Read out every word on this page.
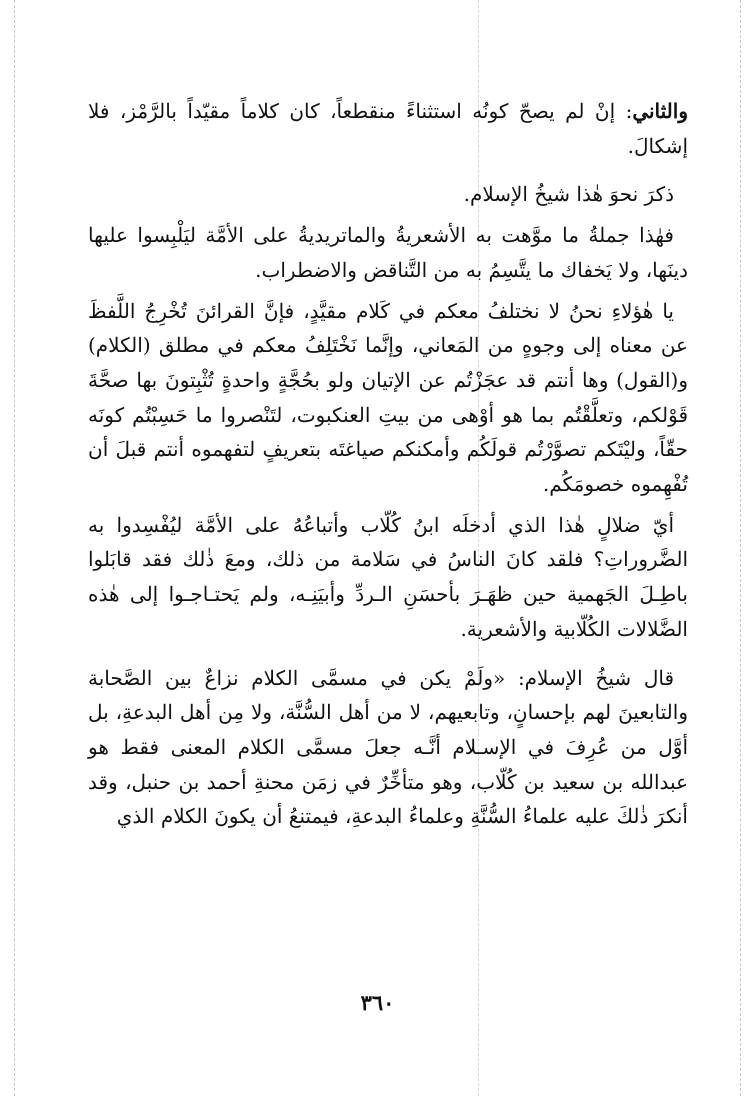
والثاني: إنْ لم يصحّ كونُه استثناءً منقطعاً، كان كلاماً مقيّداً بالرَّمْز، فلا إشكالَ.

ذكرَ نحوَ هٰذا شيخُ الإسلام.

فهٰذا جملةُ ما موَّهت به الأشعريةُ والماتريديةُ على الأمَّة ليَلْبِسوا عليها دينَها، ولا يَخفاك ما يتَّسِمُ به من التَّناقض والاضطراب.

يا هٰؤلاءِ نحنُ لا نختلفُ معكم في كَلام مقيَّدٍ، فإنَّ القرائنَ تُخْرِجُ اللَّفظَ عن معناه إلى وجوهٍ من المَعاني، وإنَّما نَخْتَلِفُ معكم في مطلق (الكلام) و(القول) وها أنتم قد عجَزْتُم عن الإتيان ولو بحُجَّةٍ واحدةٍ تُثْبِتونَ بها صحَّةَ قَوْلكم، وتعلَّقْتُم بما هو أوْهى من بيتِ العنكبوت، لتَنْصروا ما حَسِبْتُم كونَه حقّاً، وليْتَكم تصوَّرْتُم قولَكُم وأمكنكم صياغتَه بتعريفٍ لتفهموه أنتم قبلَ أن تُفْهِموه خصومَكُم.

أيّ ضلالٍ هٰذا الذي أدخلَه ابنُ كُلّاب وأتباعُهُ على الأمَّة ليُفْسِدوا به الضَّروراتِ؟ فلقد كانَ الناسُ في سَلامة من ذلك، ومعَ ذٰلك فقد قابَلوا باطِـلَ الجَهمية حين ظهَـرَ بأحسَنِ الـردِّ وأبيَنِـه، ولم يَحتـاجـوا إلى هٰذه الضَّلالات الكُلّابية والأشعرية.

قال شيخُ الإسلام: «ولَمْ يكن في مسمَّى الكلام نزاعٌ بين الصَّحابة والتابعينَ لهم بإحسانٍ، وتابعيهم، لا من أهل السُّنَّة، ولا مِن أهل البدعةِ، بل أوَّل من عُرِفَ في الإسـلام أنَّـه جعلَ مسمَّى الكلام المعنى فقط هو عبدالله بن سعيد بن كُلّاب، وهو متأخِّرٌ في زمَن محنةِ أحمد بن حنبل، وقد أنكرَ ذٰلكَ عليه علماءُ السُّنَّةِ وعلماءُ البدعةِ، فيمتنعُ أن يكونَ الكلام الذي

٣٦٠
